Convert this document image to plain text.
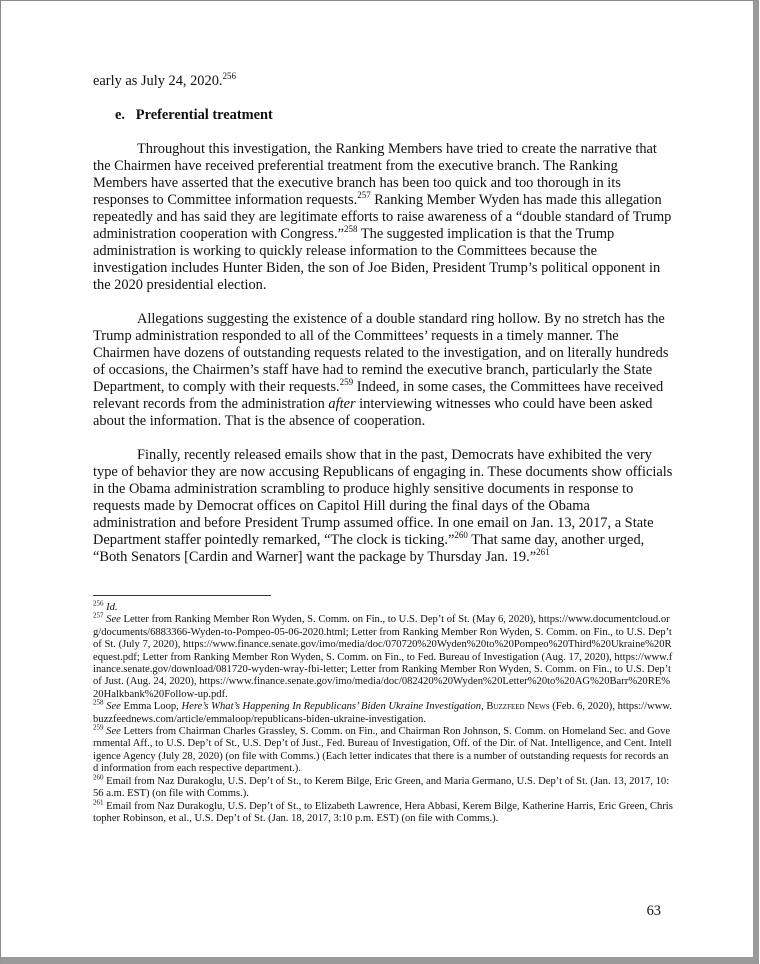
early as July 24, 2020.$^{256}$

e. Preferential treatment

Throughout this investigation, the Ranking Members have tried to create the narrative that the Chairmen have received preferential treatment from the executive branch. The Ranking Members have asserted that the executive branch has been too quick and too thorough in its responses to Committee information requests.$^{257}$ Ranking Member Wyden has made this allegation repeatedly and has said they are legitimate efforts to raise awareness of a “double standard of Trump administration cooperation with Congress.”$^{258}$ The suggested implication is that the Trump administration is working to quickly release information to the Committees because the investigation includes Hunter Biden, the son of Joe Biden, President Trump’s political opponent in the 2020 presidential election.

Allegations suggesting the existence of a double standard ring hollow. By no stretch has the Trump administration responded to all of the Committees’ requests in a timely manner. The Chairmen have dozens of outstanding requests related to the investigation, and on literally hundreds of occasions, the Chairmen’s staff have had to remind the executive branch, particularly the State Department, to comply with their requests.$^{259}$ Indeed, in some cases, the Committees have received relevant records from the administration after interviewing witnesses who could have been asked about the information. That is the absence of cooperation.

Finally, recently released emails show that in the past, Democrats have exhibited the very type of behavior they are now accusing Republicans of engaging in. These documents show officials in the Obama administration scrambling to produce highly sensitive documents in response to requests made by Democrat offices on Capitol Hill during the final days of the Obama administration and before President Trump assumed office. In one email on Jan. 13, 2017, a State Department staffer pointedly remarked, “The clock is ticking.”$^{260}$ That same day, another urged, “Both Senators [Cardin and Warner] want the package by Thursday Jan. 19.”$^{261}$

$^{256}$ Id.

$^{257}$ See Letter from Ranking Member Ron Wyden, S. Comm. on Fin., to U.S. Dep’t of St. (May 6, 2020), https://www.documentcloud.org/documents/6883366-Wyden-to-Pompeo-05-06-2020.html; Letter from Ranking Member Ron Wyden, S. Comm. on Fin., to U.S. Dep’t of St. (July 7, 2020), https://www.finance.senate.gov/imo/media/doc/070720%20Wyden%20to%20Pompeo%20Third%20Ukraine%20Request.pdf; Letter from Ranking Member Ron Wyden, S. Comm. on Fin., to Fed. Bureau of Investigation (Aug. 17, 2020), https://www.finance.senate.gov/download/081720-wyden-wray-fbi-letter; Letter from Ranking Member Ron Wyden, S. Comm. on Fin., to U.S. Dep’t of Just. (Aug. 24, 2020), https://www.finance.senate.gov/imo/media/doc/082420%20Wyden%20Letter%20to%20AG%20Barr%20RE%20Halkbank%20Follow-up.pdf.

$^{258}$ See Emma Loop, Here’s What’s Happening In Republicans’ Biden Ukraine Investigation, Buzzfeed News (Feb. 6, 2020), https://www.buzzfeednews.com/article/emmaloop/republicans-biden-ukraine-investigation.

$^{259}$ See Letters from Chairman Charles Grassley, S. Comm. on Fin., and Chairman Ron Johnson, S. Comm. on Homeland Sec. and Governmental Aff., to U.S. Dep’t of St., U.S. Dep’t of Just., Fed. Bureau of Investigation, Off. of the Dir. of Nat. Intelligence, and Cent. Intelligence Agency (July 28, 2020) (on file with Comms.) (Each letter indicates that there is a number of outstanding requests for records and information from each respective department.).

$^{260}$ Email from Naz Durakoglu, U.S. Dep’t of St., to Kerem Bilge, Eric Green, and Maria Germano, U.S. Dep’t of St. (Jan. 13, 2017, 10:56 a.m. EST) (on file with Comms.).

$^{261}$ Email from Naz Durakoglu, U.S. Dep’t of St., to Elizabeth Lawrence, Hera Abbasi, Kerem Bilge, Katherine Harris, Eric Green, Christopher Robinson, et al., U.S. Dep’t of St. (Jan. 18, 2017, 3:10 p.m. EST) (on file with Comms.).

63
